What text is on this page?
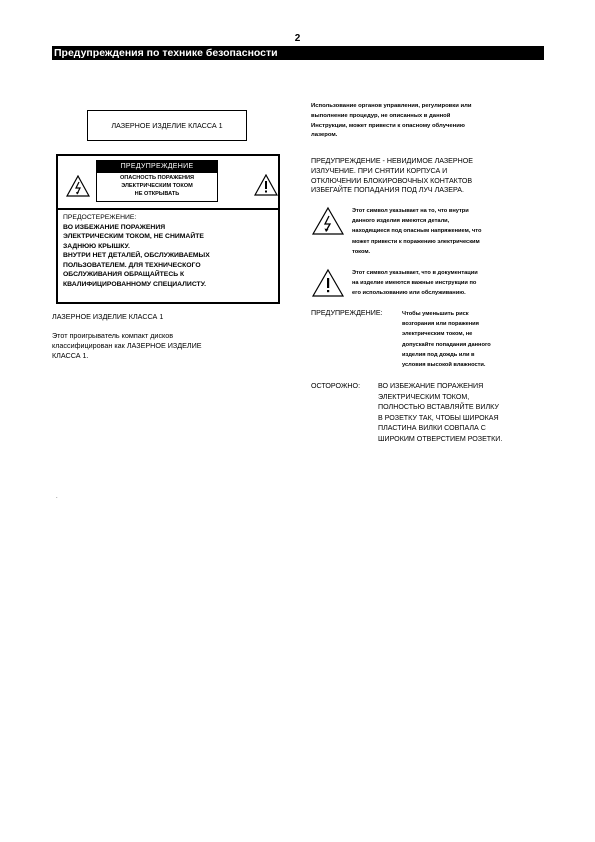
2
Предупреждения по технике безопасности
ЛАЗЕРНОЕ ИЗДЕЛИЕ КЛАССА 1
ПРЕДУПРЕЖДЕНИЕ
ОПАСНОСТЬ ПОРАЖЕНИЯ
ЭЛЕКТРИЧЕСКИМ ТОКОМ
НЕ ОТКРЫВАТЬ
ПРЕДОСТЕРЕЖЕНИЕ:
ВО ИЗБЕЖАНИЕ ПОРАЖЕНИЯ
ЭЛЕКТРИЧЕСКИМ ТОКОМ, НЕ СНИМАЙТЕ
ЗАДНЮЮ КРЫШКУ.
ВНУТРИ НЕТ ДЕТАЛЕЙ, ОБСЛУЖИВАЕМЫХ
ПОЛЬЗОВАТЕЛЕМ. ДЛЯ ТЕХНИЧЕСКОГО
ОБСЛУЖИВАНИЯ ОБРАЩАЙТЕСЬ К
КВАЛИФИЦИРОВАННОМУ СПЕЦИАЛИСТУ.
ЛАЗЕРНОЕ ИЗДЕЛИЕ КЛАССА 1
Этот проигрыватель компакт дисков
классифицирован как ЛАЗЕРНОЕ ИЗДЕЛИЕ
КЛАССА 1.
.
Использование органов управления, регулировки или
выполнение процедур, не описанных в данной
Инструкции, может привести к опасному облучению
лазером.
ПРЕДУПРЕЖДЕНИЕ - НЕВИДИМОЕ ЛАЗЕРНОЕ
ИЗЛУЧЕНИЕ. ПРИ СНЯТИИ КОРПУСА И
ОТКЛЮЧЕНИИ БЛОКИРОВОЧНЫХ КОНТАКТОВ
ИЗБЕГАЙТЕ ПОПАДАНИЯ ПОД ЛУЧ ЛАЗЕРА.
Этот символ указывает на то, что внутри
данного изделия имеются детали,
находящиеся под опасным напряжением, что
может привести к поражению электрическим
током.
Этот символ указывает, что в документации
на изделие имеются важные инструкции по
его использованию или обслуживанию.
ПРЕДУПРЕЖДЕНИЕ:	Чтобы уменьшить риск
возгорания или поражения
электрическим током, не
допускайте попадания данного
изделия под дождь или в
условия высокой влажности.
ОСТОРОЖНО:	ВО ИЗБЕЖАНИЕ ПОРАЖЕНИЯ
ЭЛЕКТРИЧЕСКИМ ТОКОМ,
ПОЛНОСТЬЮ ВСТАВЛЯЙТЕ ВИЛКУ
В РОЗЕТКУ ТАК, ЧТОБЫ ШИРОКАЯ
ПЛАСТИНА ВИЛКИ СОВПАЛА С
ШИРОКИМ ОТВЕРСТИЕМ РОЗЕТКИ.
